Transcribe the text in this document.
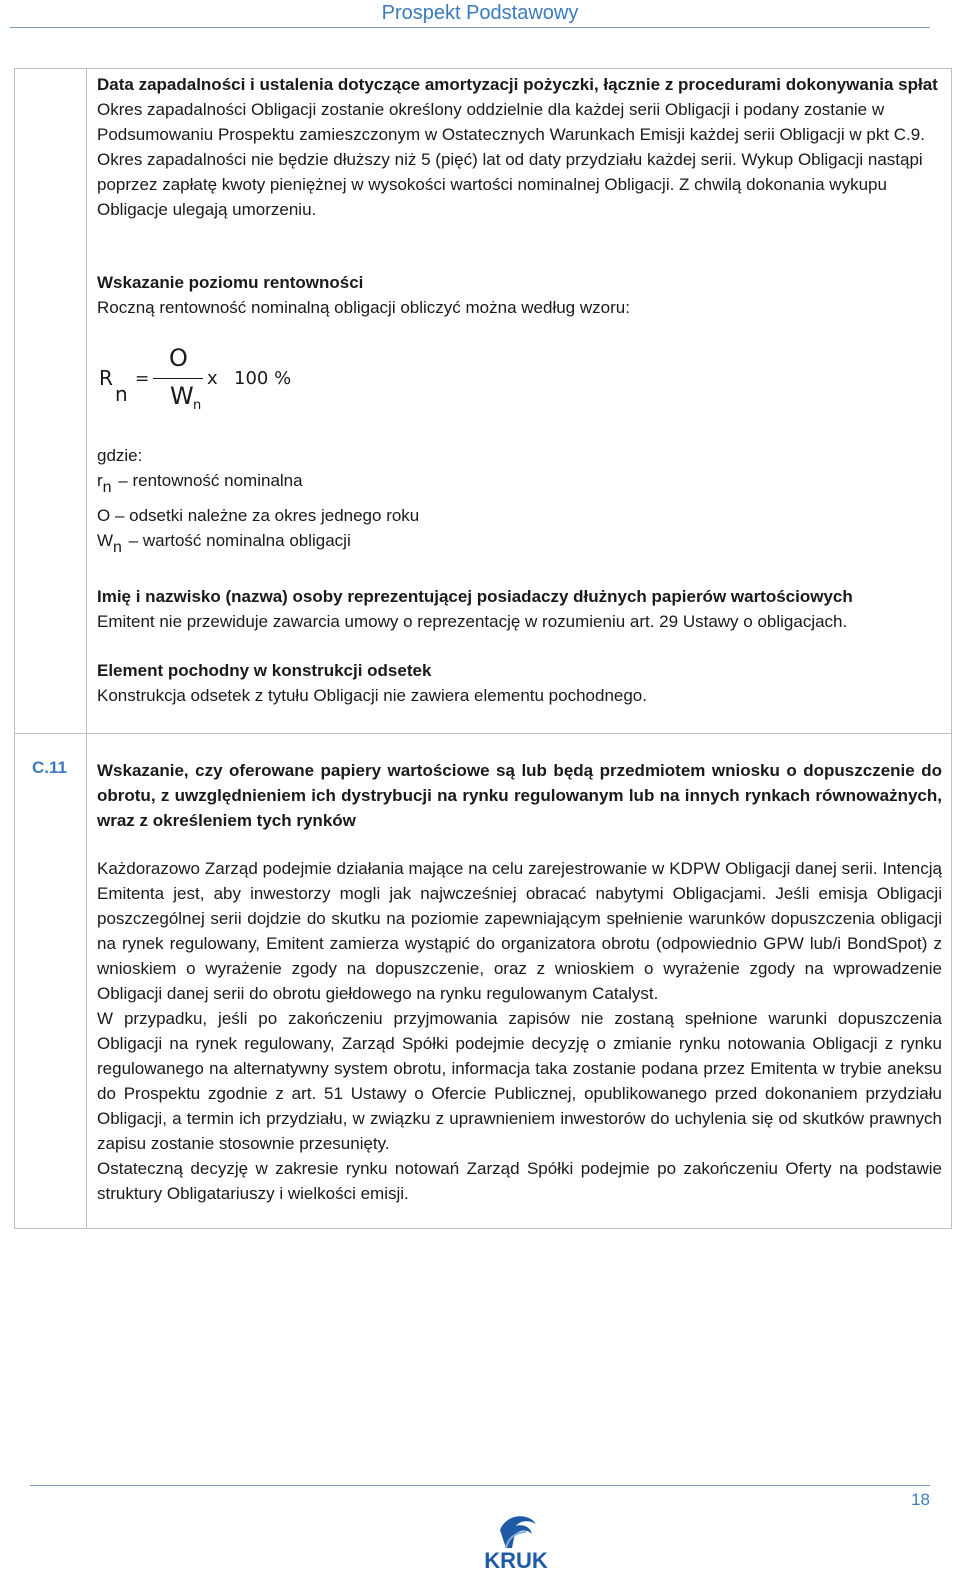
Prospekt Podstawowy

Data zapadalności i ustalenia dotyczące amortyzacji pożyczki, łącznie z procedurami dokonywania spłat

Okres zapadalności Obligacji zostanie określony oddzielnie dla każdej serii Obligacji i podany zostanie w Podsumowaniu Prospektu zamieszczonym w Ostatecznych Warunkach Emisji każdej serii Obligacji w pkt C.9. Okres zapadalności nie będzie dłuższy niż 5 (pięć) lat od daty przydziału każdej serii. Wykup Obligacji nastąpi poprzez zapłatę kwoty pieniężnej w wysokości wartości nominalnej Obligacji. Z chwilą dokonania wykupu Obligacje ulegają umorzeniu.

Wskazanie poziomu rentowności

Roczną rentowność nominalną obligacji obliczyć można według wzoru:

R
n
=
O
W n
x 100 %
gdzie:
rn – rentowność nominalna
O – odsetki należne za okres jednego roku
Wn – wartość nominalna obligacji

Imię i nazwisko (nazwa) osoby reprezentującej posiadaczy dłużnych papierów wartościowych

Emitent nie przewiduje zawarcia umowy o reprezentację w rozumieniu art. 29 Ustawy o obligacjach.

Element pochodny w konstrukcji odsetek

Konstrukcja odsetek z tytułu Obligacji nie zawiera elementu pochodnego.

C.11 Wskazanie, czy oferowane papiery wartościowe są lub będą przedmiotem wniosku o dopuszczenie do obrotu, z uwzględnieniem ich dystrybucji na rynku regulowanym lub na innych rynkach równoważnych, wraz z określeniem tych rynków

Każdorazowo Zarząd podejmie działania mające na celu zarejestrowanie w KDPW Obligacji danej serii. Intencją Emitenta jest, aby inwestorzy mogli jak najwcześniej obracać nabytymi Obligacjami. Jeśli emisja Obligacji poszczególnej serii dojdzie do skutku na poziomie zapewniającym spełnienie warunków dopuszczenia obligacji na rynek regulowany, Emitent zamierza wystąpić do organizatora obrotu (odpowiednio GPW lub/i BondSpot) z wnioskiem o wyrażenie zgody na dopuszczenie, oraz z wnioskiem o wyrażenie zgody na wprowadzenie Obligacji danej serii do obrotu giełdowego na rynku regulowanym Catalyst.

W przypadku, jeśli po zakończeniu przyjmowania zapisów nie zostaną spełnione warunki dopuszczenia Obligacji na rynek regulowany, Zarząd Spółki podejmie decyzję o zmianie rynku notowania Obligacji z rynku regulowanego na alternatywny system obrotu, informacja taka zostanie podana przez Emitenta w trybie aneksu do Prospektu zgodnie z art. 51 Ustawy o Ofercie Publicznej, opublikowanego przed dokonaniem przydziału Obligacji, a termin ich przydziału, w związku z uprawnieniem inwestorów do uchylenia się od skutków prawnych zapisu zostanie stosownie przesunięty.

Ostateczną decyzję w zakresie rynku notowań Zarząd Spółki podejmie po zakończeniu Oferty na podstawie struktury Obligatariuszy i wielkości emisji.

18
KRUK
